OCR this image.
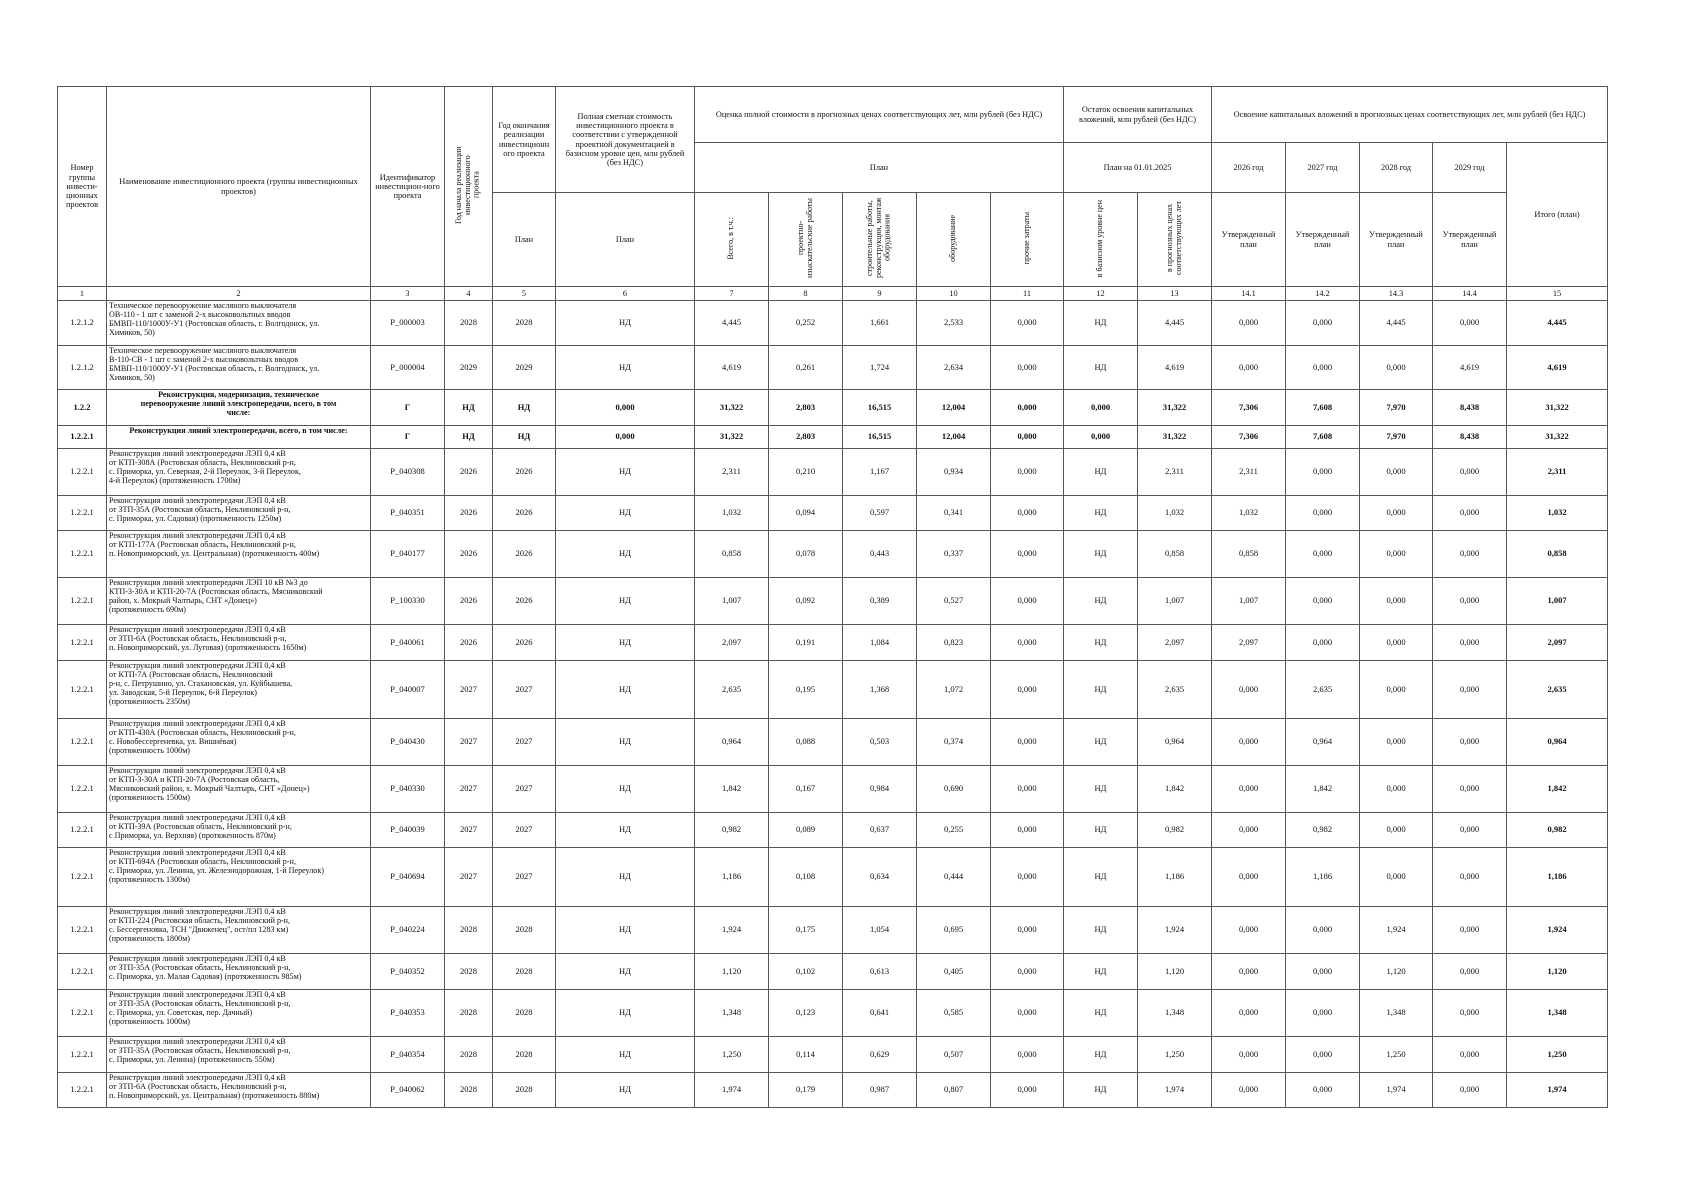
Номер группы инвести-ционных проектов	Наименование инвестиционного проекта (группы инвестиционных проектов)	Идентификатор инвестицион-ного проекта	Год начала реализации инвестиционного проекта	Год окончания реализации инвестиционн ого проекта	Полная сметная стоимость инвестиционного проекта в соответствии с утвержденной проектной документацией в базисном уровне цен, млн рублей (без НДС)	Оценка полной стоимости в прогнозных ценах соответствующих лет, млн рублей (без НДС)					Остаток освоения капитальных вложений, млн рублей (без НДС)		Освоение капитальных вложений в прогнозных ценах соответствующих лет, млн рублей (без НДС)				
						План					План на 01.01.2025		2026 год	2027 год	2028 год	2029 год	Итого (план)
				План	План	Всего, в т.ч.:	проектно-изыскательские работы	строительные работы, реконструкция, монтаж оборудования	оборудование	прочие затраты	в базисном уровне цен	в прогнозных ценах соответствующих лет	Утвержденный план	Утвержденный план	Утвержденный план	Утвержденный план	
1	2	3	4	5	6	7	8	9	10	11	12	13	14.1	14.2	14.3	14.4	15
1.2.1.2	Техническое перевооружение масляного выключателя
ОВ-110 - 1 шт с заменой 2-х высоковольтных вводов
БМВП-110/1000У-У1 (Ростовская область, г. Волгодонск, ул.
Химиков, 50)	P_000003	2028	2028	НД	4,445	0,252	1,661	2,533	0,000	НД	4,445	0,000	0,000	4,445	0,000	4,445
1.2.1.2	Техническое перевооружение масляного выключателя
В-110-СВ - 1 шт с заменой 2-х высоковольтных вводов
БМВП-110/1000У-У1 (Ростовская область, г. Волгодонск, ул.
Химиков, 50)	P_000004	2029	2029	НД	4,619	0,261	1,724	2,634	0,000	НД	4,619	0,000	0,000	0,000	4,619	4,619
1.2.2	Реконструкция, модернизация, техническое
перевооружение линий электропередачи, всего, в том
числе:	Г	НД	НД	0,000	31,322	2,803	16,515	12,004	0,000	0,000	31,322	7,306	7,608	7,970	8,438	31,322
1.2.2.1	Реконструкция линий электропередачи, всего, в том числе:	Г	НД	НД	0,000	31,322	2,803	16,515	12,004	0,000	0,000	31,322	7,306	7,608	7,970	8,438	31,322
1.2.2.1	Реконструкция линий электропередачи ЛЭП 0,4 кВ
от КТП-308А (Ростовская область, Неклиновский р-н,
с. Приморка, ул. Северная, 2-й Переулок, 3-й Переулок,
4-й Переулок) (протяженность 1700м)	P_040308	2026	2026	НД	2,311	0,210	1,167	0,934	0,000	НД	2,311	2,311	0,000	0,000	0,000	2,311
1.2.2.1	Реконструкция линий электропередачи ЛЭП 0,4 кВ
от ЗТП-35А (Ростовская область, Неклиновский р-н,
с. Приморка, ул. Садовая) (протяженность 1250м)	P_040351	2026	2026	НД	1,032	0,094	0,597	0,341	0,000	НД	1,032	1,032	0,000	0,000	0,000	1,032
1.2.2.1	Реконструкция линий электропередачи ЛЭП 0,4 кВ
от КТП-177А (Ростовская область, Неклиновский р-н,
п. Новоприморский, ул. Центральная) (протяженность 400м)	P_040177	2026	2026	НД	0,858	0,078	0,443	0,337	0,000	НД	0,858	0,858	0,000	0,000	0,000	0,858
1.2.2.1	Реконструкция линий электропередачи ЛЭП 10 кВ №3 до
КТП-3-30А и КТП-20-7А (Ростовская область, Мясниковский
район, х. Мокрый Чалтырь, СНТ «Донец»)
(протяженность 690м)	P_100330	2026	2026	НД	1,007	0,092	0,389	0,527	0,000	НД	1,007	1,007	0,000	0,000	0,000	1,007
1.2.2.1	Реконструкция линий электропередачи ЛЭП 0,4 кВ
от ЗТП-6А (Ростовская область, Неклиновский р-н,
п. Новоприморский, ул. Луговая) (протяженность 1650м)	P_040061	2026	2026	НД	2,097	0,191	1,084	0,823	0,000	НД	2,097	2,097	0,000	0,000	0,000	2,097
1.2.2.1	Реконструкция линий электропередачи ЛЭП 0,4 кВ
от КТП-7А (Ростовская область, Неклиновский
р-н, с. Петрушино, ул. Стахановская, ул. Куйбышева,
ул. Заводская, 5-й Переулок, 6-й Переулок)
(протяженность 2350м)	P_040007	2027	2027	НД	2,635	0,195	1,368	1,072	0,000	НД	2,635	0,000	2,635	0,000	0,000	2,635
1.2.2.1	Реконструкция линий электропередачи ЛЭП 0,4 кВ
от КТП-430А (Ростовская область, Неклиновский р-н,
с. Новобессергеневка, ул. Вишнёвая)
(протяженность 1000м)	P_040430	2027	2027	НД	0,964	0,088	0,503	0,374	0,000	НД	0,964	0,000	0,964	0,000	0,000	0,964
1.2.2.1	Реконструкция линий электропередачи ЛЭП 0,4 кВ
от КТП-3-30А и КТП-20-7А (Ростовская область,
Мясниковский район, х. Мокрый Чалтырь, СНТ «Донец»)
(протяженность 1500м)	P_040330	2027	2027	НД	1,842	0,167	0,984	0,690	0,000	НД	1,842	0,000	1,842	0,000	0,000	1,842
1.2.2.1	Реконструкция линий электропередачи ЛЭП 0,4 кВ
от КТП-39А (Ростовская область, Неклиновский р-н,
с Приморка, ул. Верхняя) (протяженность 870м)	P_040039	2027	2027	НД	0,982	0,089	0,637	0,255	0,000	НД	0,982	0,000	0,982	0,000	0,000	0,982
1.2.2.1	Реконструкция линий электропередачи ЛЭП 0,4 кВ
от КТП-694А (Ростовская область, Неклиновский р-н,
с. Приморка, ул. Ленина, ул. Железнодорожная, 1-й Переулок)
(протяженность 1300м)	P_040694	2027	2027	НД	1,186	0,108	0,634	0,444	0,000	НД	1,186	0,000	1,186	0,000	0,000	1,186
1.2.2.1	Реконструкция линий электропередачи ЛЭП 0,4 кВ
от КТП-224 (Ростовская область, Неклиновский р-н,
с. Бессергеновка, ТСН "Движенец", ост/пл 1283 км)
(протяженность 1800м)	P_040224	2028	2028	НД	1,924	0,175	1,054	0,695	0,000	НД	1,924	0,000	0,000	1,924	0,000	1,924
1.2.2.1	Реконструкция линий электропередачи ЛЭП 0,4 кВ
от ЗТП-35А (Ростовская область, Неклиновский р-н,
с. Приморка, ул. Малая Садовая) (протяженность 985м)	P_040352	2028	2028	НД	1,120	0,102	0,613	0,405	0,000	НД	1,120	0,000	0,000	1,120	0,000	1,120
1.2.2.1	Реконструкция линий электропередачи ЛЭП 0,4 кВ
от ЗТП-35А (Ростовская область, Неклиновский р-н,
с. Приморка, ул. Советская, пер. Дачный)
(протяженность 1000м)	P_040353	2028	2028	НД	1,348	0,123	0,641	0,585	0,000	НД	1,348	0,000	0,000	1,348	0,000	1,348
1.2.2.1	Реконструкция линий электропередачи ЛЭП 0,4 кВ
от ЗТП-35А (Ростовская область, Неклиновский р-н,
с. Приморка, ул. Ленина) (протяженность 550м)	P_040354	2028	2028	НД	1,250	0,114	0,629	0,507	0,000	НД	1,250	0,000	0,000	1,250	0,000	1,250
1.2.2.1	Реконструкция линий электропередачи ЛЭП 0,4 кВ
от ЗТП-6А (Ростовская область, Неклиновский р-н,
п. Новоприморский, ул. Центральная) (протяженность 880м)	P_040062	2028	2028	НД	1,974	0,179	0,987	0,807	0,000	НД	1,974	0,000	0,000	1,974	0,000	1,974
